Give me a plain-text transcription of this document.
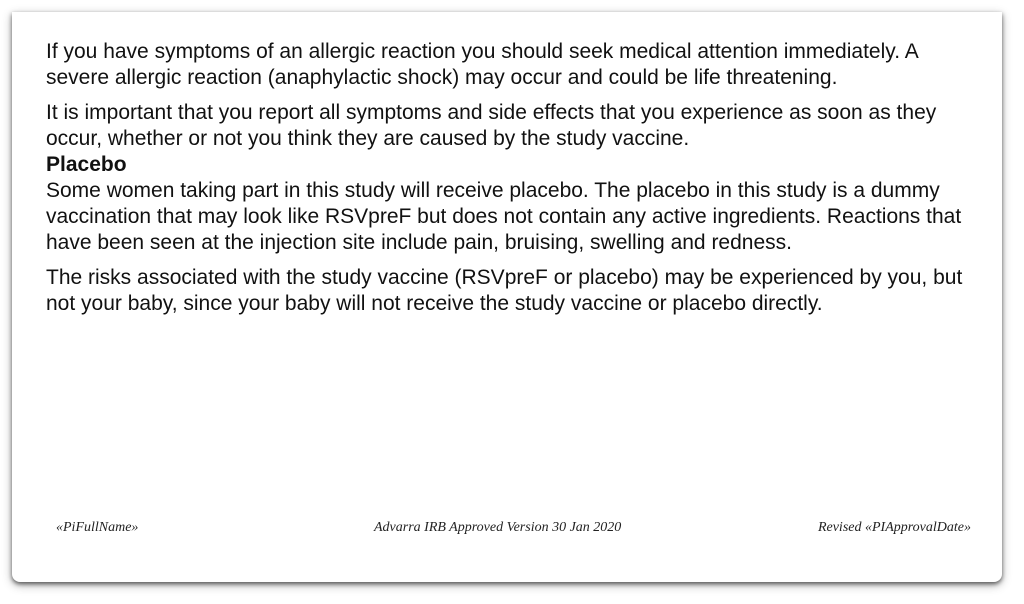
If you have symptoms of an allergic reaction you should seek medical attention immediately. A severe allergic reaction (anaphylactic shock) may occur and could be life threatening.

It is important that you report all symptoms and side effects that you experience as soon as they occur, whether or not you think they are caused by the study vaccine.

Placebo

Some women taking part in this study will receive placebo. The placebo in this study is a dummy vaccination that may look like RSVpreF but does not contain any active ingredients. Reactions that have been seen at the injection site include pain, bruising, swelling and redness.

The risks associated with the study vaccine (RSVpreF or placebo) may be experienced by you, but not your baby, since your baby will not receive the study vaccine or placebo directly.

«PiFullName»	Advarra IRB Approved Version 30 Jan 2020	Revised «PIApprovalDate»
